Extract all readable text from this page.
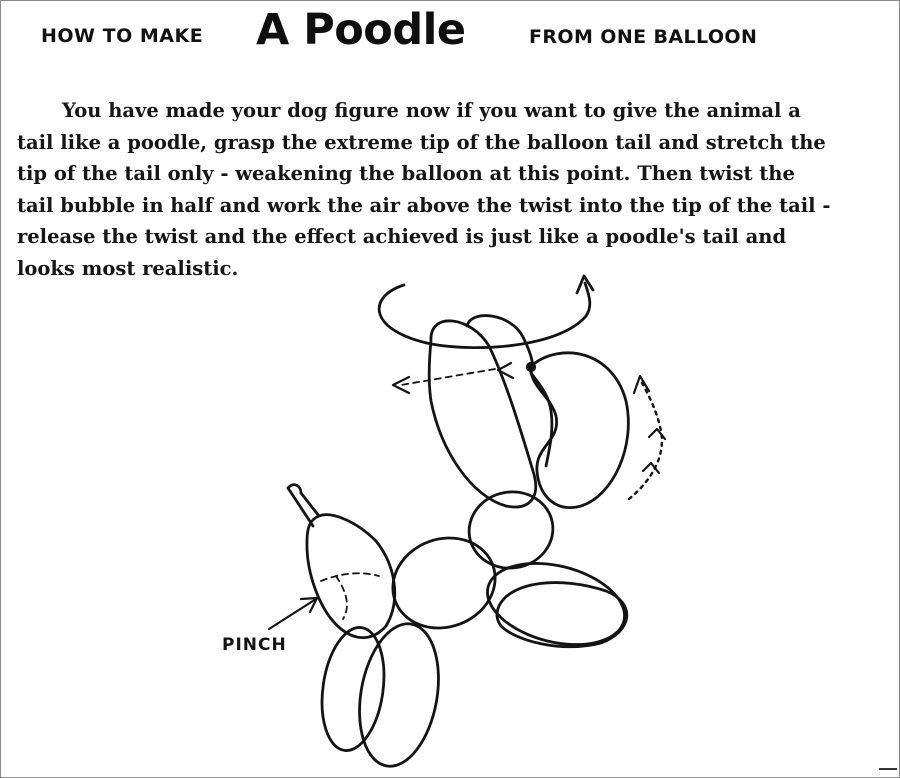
HOW TO MAKE A Poodle	FROM ONE BALLOON
You have made your dog figure now if you want to give the animal a
tail like a poodle, grasp the extreme tip of the balloon tail and stretch the
tip of the tail only - weakening the balloon at this point. Then twist the
tail bubble in half and work the air above the twist into the tip of the tail -
release the twist and the effect achieved is just like a poodle's tail and
looks most realistic.
PINCH
